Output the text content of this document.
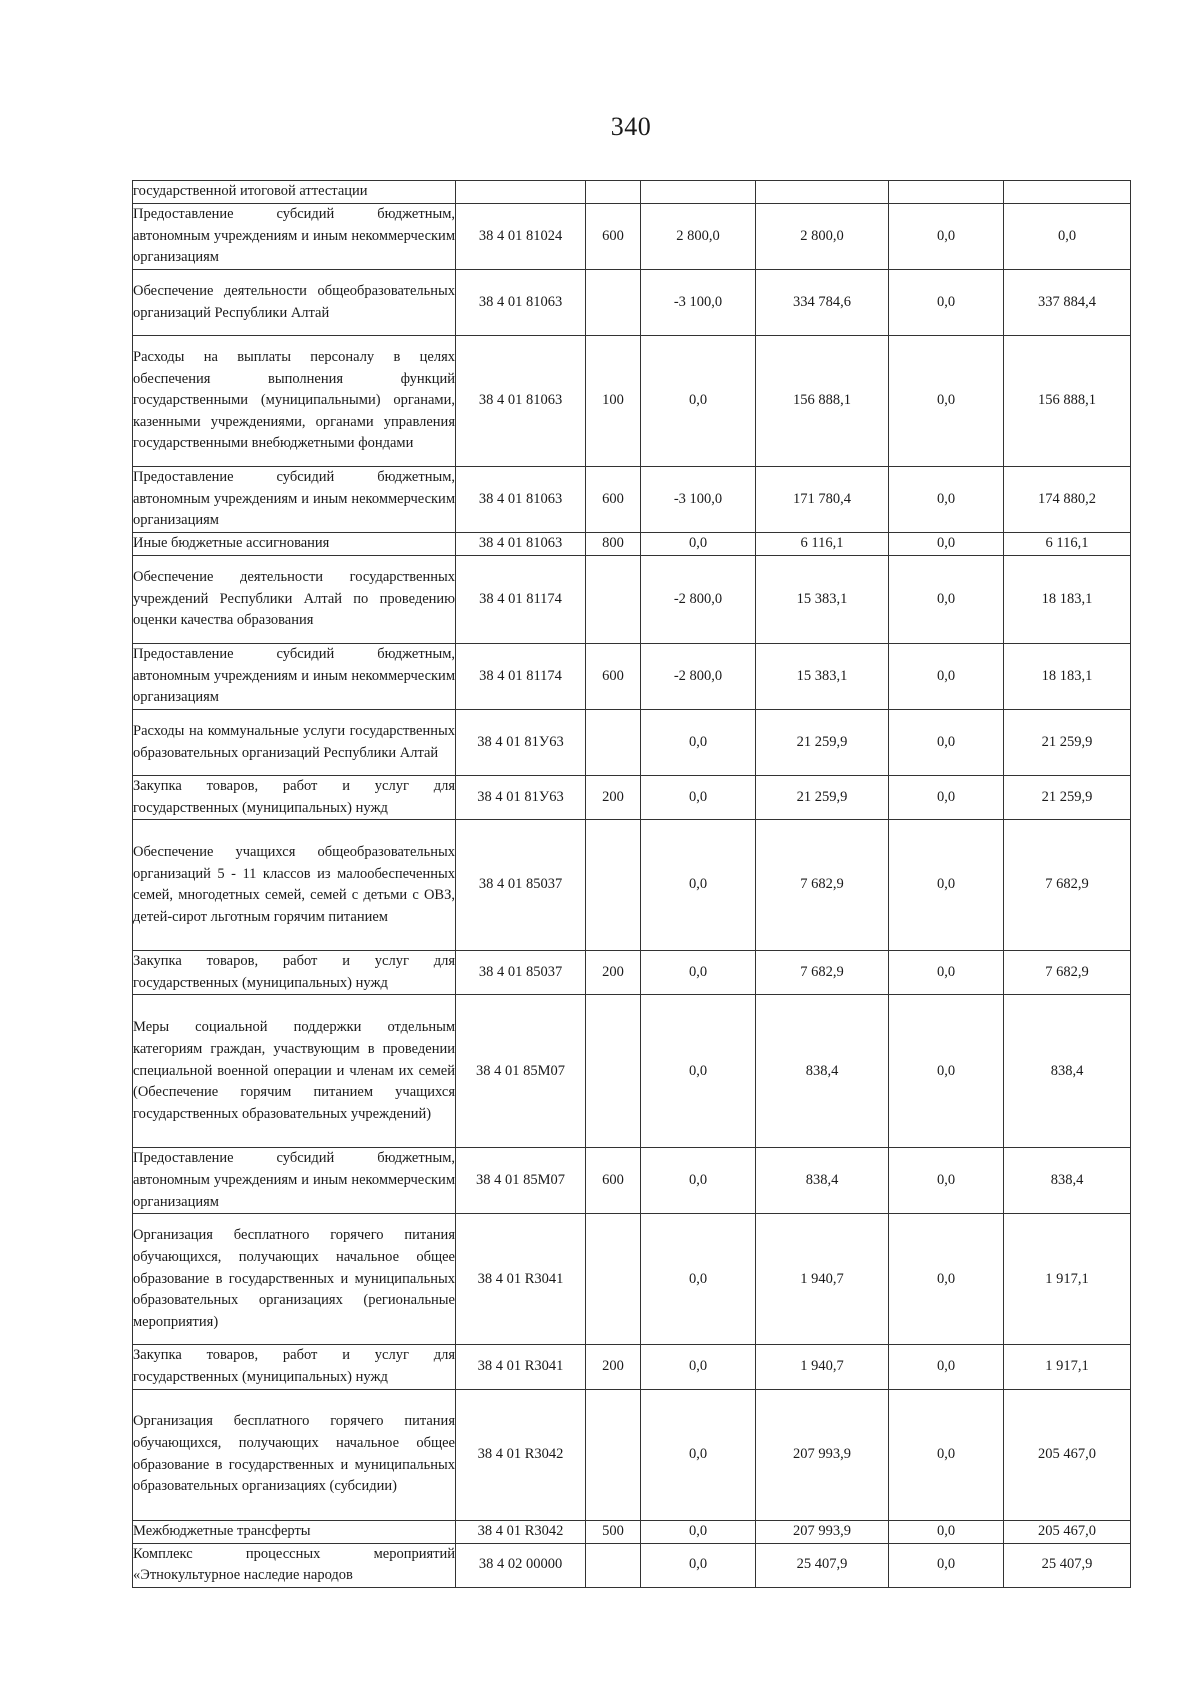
340
государственной итоговой аттестации						
Предоставление субсидий бюджетным, автономным учреждениям и иным некоммерческим организациям	38 4 01 81024	600	2 800,0	2 800,0	0,0	0,0
Обеспечение деятельности общеобразовательных организаций Республики Алтай	38 4 01 81063		-3 100,0	334 784,6	0,0	337 884,4
Расходы на выплаты персоналу в целях обеспечения выполнения функций государственными (муниципальными) органами, казенными учреждениями, органами управления государственными внебюджетными фондами	38 4 01 81063	100	0,0	156 888,1	0,0	156 888,1
Предоставление субсидий бюджетным, автономным учреждениям и иным некоммерческим организациям	38 4 01 81063	600	-3 100,0	171 780,4	0,0	174 880,2
Иные бюджетные ассигнования	38 4 01 81063	800	0,0	6 116,1	0,0	6 116,1
Обеспечение деятельности государственных учреждений Республики Алтай по проведению оценки качества образования	38 4 01 81174		-2 800,0	15 383,1	0,0	18 183,1
Предоставление субсидий бюджетным, автономным учреждениям и иным некоммерческим организациям	38 4 01 81174	600	-2 800,0	15 383,1	0,0	18 183,1
Расходы на коммунальные услуги государственных образовательных организаций Республики Алтай	38 4 01 81У63		0,0	21 259,9	0,0	21 259,9
Закупка товаров, работ и услуг для государственных (муниципальных) нужд	38 4 01 81У63	200	0,0	21 259,9	0,0	21 259,9
Обеспечение учащихся общеобразовательных организаций 5 - 11 классов из малообеспеченных семей, многодетных семей, семей с детьми с ОВЗ, детей-сирот льготным горячим питанием	38 4 01 85037		0,0	7 682,9	0,0	7 682,9
Закупка товаров, работ и услуг для государственных (муниципальных) нужд	38 4 01 85037	200	0,0	7 682,9	0,0	7 682,9
Меры социальной поддержки отдельным категориям граждан, участвующим в проведении специальной военной операции и членам их семей (Обеспечение горячим питанием учащихся государственных образовательных учреждений)	38 4 01 85М07		0,0	838,4	0,0	838,4
Предоставление субсидий бюджетным, автономным учреждениям и иным некоммерческим организациям	38 4 01 85М07	600	0,0	838,4	0,0	838,4
Организация бесплатного горячего питания обучающихся, получающих начальное общее образование в государственных и муниципальных образовательных организациях (региональные мероприятия)	38 4 01 R3041		0,0	1 940,7	0,0	1 917,1
Закупка товаров, работ и услуг для государственных (муниципальных) нужд	38 4 01 R3041	200	0,0	1 940,7	0,0	1 917,1
Организация бесплатного горячего питания обучающихся, получающих начальное общее образование в государственных и муниципальных образовательных организациях (субсидии)	38 4 01 R3042		0,0	207 993,9	0,0	205 467,0
Межбюджетные трансферты	38 4 01 R3042	500	0,0	207 993,9	0,0	205 467,0
Комплекс процессных мероприятий «Этнокультурное наследие народов	38 4 02 00000		0,0	25 407,9	0,0	25 407,9
